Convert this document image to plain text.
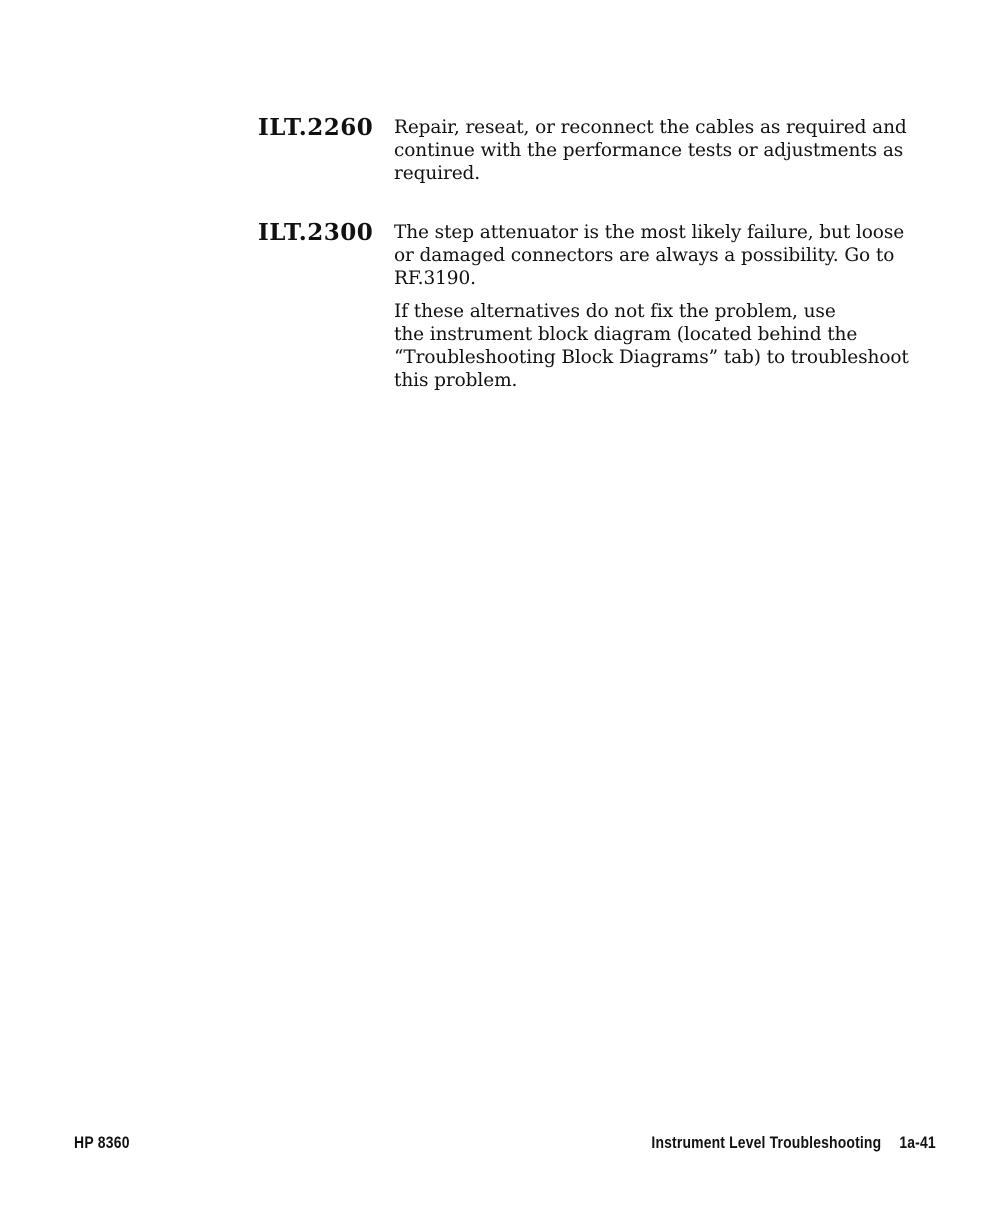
ILT.2260 Repair, reseat, or reconnect the cables as required and
continue with the performance tests or adjustments as
required.

ILT.2300 The step attenuator is the most likely failure, but loose
or damaged connectors are always a possibility. Go to
RF.3190.

If these alternatives do not fix the problem, use
the instrument block diagram (located behind the
“Troubleshooting Block Diagrams” tab) to troubleshoot
this problem.

HP 8360	Instrument Level Troubleshooting 1a-41
